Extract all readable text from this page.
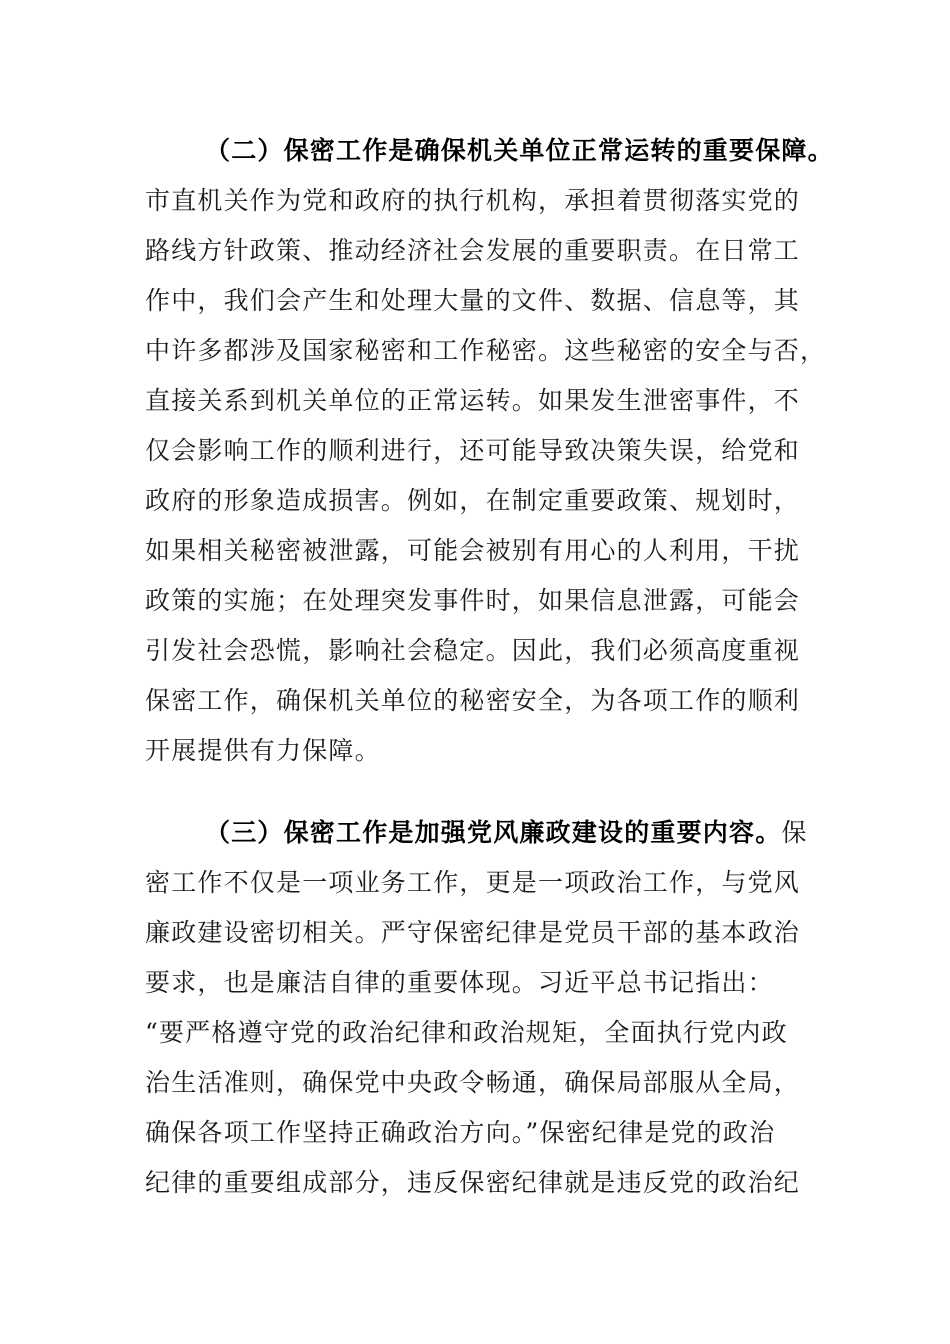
（二）保密工作是确保机关单位正常运转的重要保障。
市直机关作为党和政府的执行机构，承担着贯彻落实党的
路线方针政策、推动经济社会发展的重要职责。在日常工
作中，我们会产生和处理大量的文件、数据、信息等，其
中许多都涉及国家秘密和工作秘密。这些秘密的安全与否，
直接关系到机关单位的正常运转。如果发生泄密事件，不
仅会影响工作的顺利进行，还可能导致决策失误，给党和
政府的形象造成损害。例如，在制定重要政策、规划时，
如果相关秘密被泄露，可能会被别有用心的人利用，干扰
政策的实施；在处理突发事件时，如果信息泄露，可能会
引发社会恐慌，影响社会稳定。因此，我们必须高度重视
保密工作，确保机关单位的秘密安全，为各项工作的顺利
开展提供有力保障。
（三）保密工作是加强党风廉政建设的重要内容。保
密工作不仅是一项业务工作，更是一项政治工作，与党风
廉政建设密切相关。严守保密纪律是党员干部的基本政治
要求，也是廉洁自律的重要体现。习近平总书记指出：
“要严格遵守党的政治纪律和政治规矩，全面执行党内政
治生活准则，确保党中央政令畅通，确保局部服从全局，
确保各项工作坚持正确政治方向。”保密纪律是党的政治
纪律的重要组成部分，违反保密纪律就是违反党的政治纪
